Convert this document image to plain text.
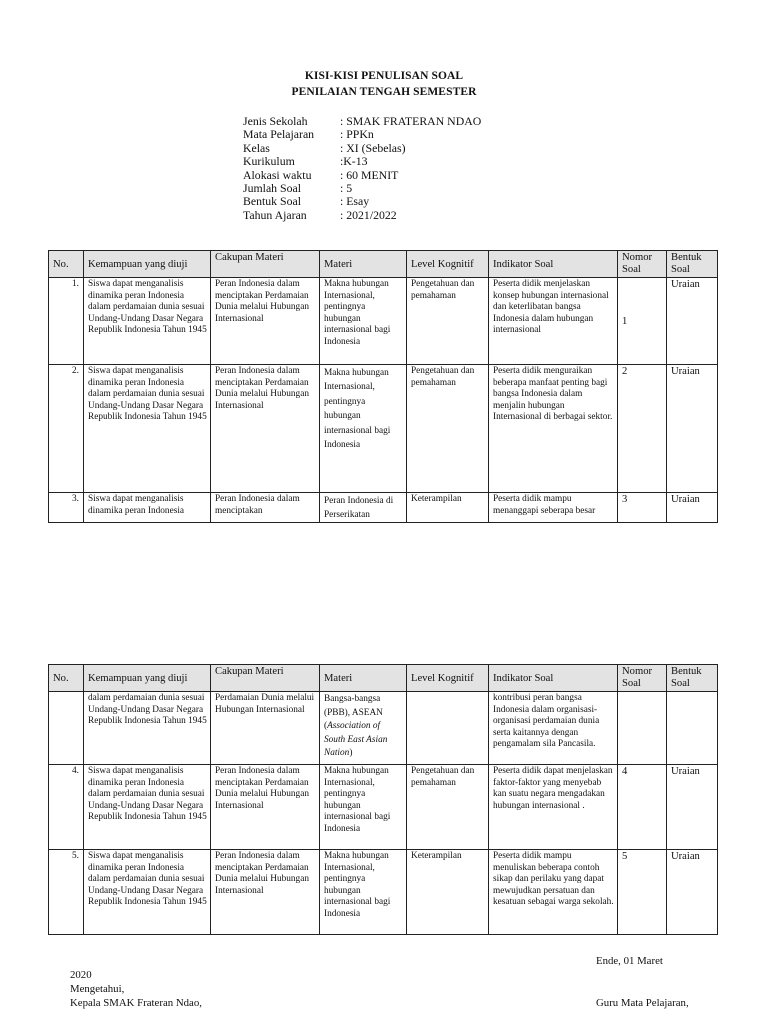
KISI-KISI PENULISAN SOAL
PENILAIAN TENGAH SEMESTER
Jenis Sekolah	: SMAK FRATERAN NDAO
Mata Pelajaran	: PPKn
Kelas	: XI (Sebelas)
Kurikulum	:K-13
Alokasi waktu	: 60 MENIT
Jumlah Soal	: 5
Bentuk Soal	: Esay
Tahun Ajaran	: 2021/2022
No.	Kemampuan yang diuji	Cakupan Materi	Materi	Level Kognitif	Indikator Soal	Nomor Soal	Bentuk Soal
1.	Siswa dapat menganalisis dinamika peran Indonesia dalam perdamaian dunia sesuai Undang-Undang Dasar Negara Republik Indonesia Tahun 1945	Peran Indonesia dalam menciptakan Perdamaian Dunia melalui Hubungan Internasional	Makna hubungan Internasional, pentingnya hubungan internasional bagi Indonesia	Pengetahuan dan pemahaman	Peserta didik menjelaskan konsep hubungan internasional dan keterlibatan bangsa Indonesia dalam hubungan internasional	1	Uraian
2.	Siswa dapat menganalisis dinamika peran Indonesia dalam perdamaian dunia sesuai Undang-Undang Dasar Negara Republik Indonesia Tahun 1945	Peran Indonesia dalam menciptakan Perdamaian Dunia melalui Hubungan Internasional	Makna hubungan Internasional, pentingnya hubungan internasional bagi Indonesia	Pengetahuan dan pemahaman	Peserta didik menguraikan beberapa manfaat penting bagi bangsa Indonesia dalam menjalin hubungan Internasional di berbagai sektor.	2	Uraian
3.	Siswa dapat menganalisis dinamika peran Indonesia	Peran Indonesia dalam menciptakan	Peran Indonesia di Perserikatan	Keterampilan	Peserta didik mampu menanggapi seberapa besar	3	Uraian
No.	Kemampuan yang diuji	Cakupan Materi	Materi	Level Kognitif	Indikator Soal	Nomor Soal	Bentuk Soal
	dalam perdamaian dunia sesuai Undang-Undang Dasar Negara Republik Indonesia Tahun 1945	Perdamaian Dunia melalui Hubungan Internasional	Bangsa-bangsa (PBB), ASEAN (Association of South East Asian Nation)		kontribusi peran bangsa Indonesia dalam organisasi-organisasi perdamaian dunia serta kaitannya dengan pengamalam sila Pancasila.		
4.	Siswa dapat menganalisis dinamika peran Indonesia dalam perdamaian dunia sesuai Undang-Undang Dasar Negara Republik Indonesia Tahun 1945	Peran Indonesia dalam menciptakan Perdamaian Dunia melalui Hubungan Internasional	Makna hubungan Internasional, pentingnya hubungan internasional bagi Indonesia	Pengetahuan dan pemahaman	Peserta didik dapat menjelaskan faktor-faktor yang menyebab kan suatu negara mengadakan hubungan internasional .	4	Uraian
5.	Siswa dapat menganalisis dinamika peran Indonesia dalam perdamaian dunia sesuai Undang-Undang Dasar Negara Republik Indonesia Tahun 1945	Peran Indonesia dalam menciptakan Perdamaian Dunia melalui Hubungan Internasional	Makna hubungan Internasional, pentingnya hubungan internasional bagi Indonesia	Keterampilan	Peserta didik mampu menuliskan beberapa contoh sikap dan perilaku yang dapat mewujudkan persatuan dan kesatuan sebagai warga sekolah.	5	Uraian
Ende, 01 Maret
2020
Mengetahui,
Kepala SMAK Frateran Ndao,	Guru Mata Pelajaran,
